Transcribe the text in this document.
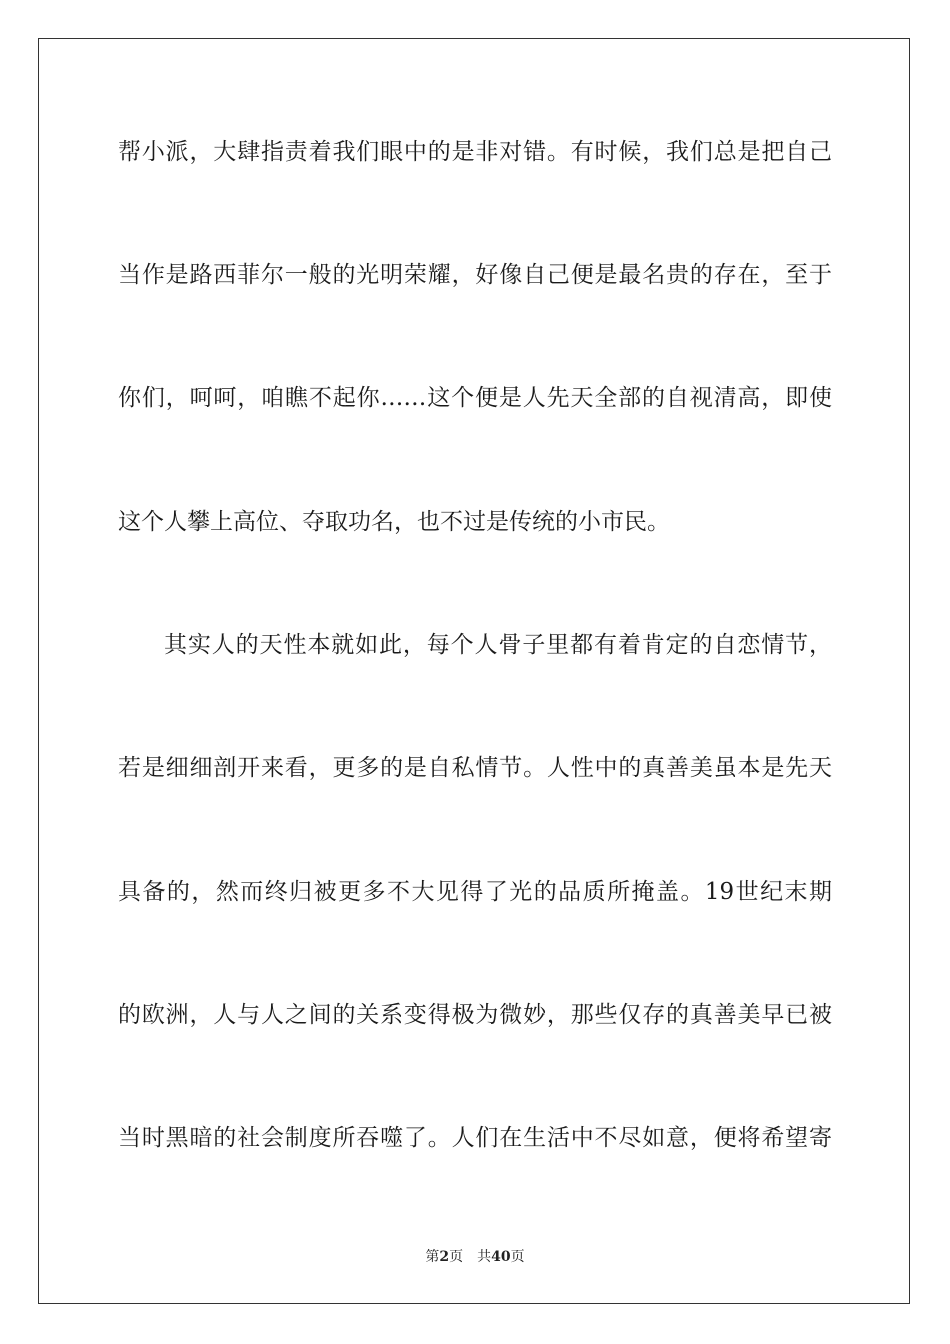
帮小派，大肆指责着我们眼中的是非对错。有时候，我们总是把自己
当作是路西菲尔一般的光明荣耀，好像自己便是最名贵的存在，至于
你们，呵呵，咱瞧不起你……这个便是人先天全部的自视清高，即使
这个人攀上高位、夺取功名，也不过是传统的小市民。
其实人的天性本就如此，每个人骨子里都有着肯定的自恋情节，
若是细细剖开来看，更多的是自私情节。人性中的真善美虽本是先天
具备的，然而终归被更多不大见得了光的品质所掩盖。19世纪末期
的欧洲，人与人之间的关系变得极为微妙，那些仅存的真善美早已被
当时黑暗的社会制度所吞噬了。人们在生活中不尽如意，便将希望寄
第2页 共40页
